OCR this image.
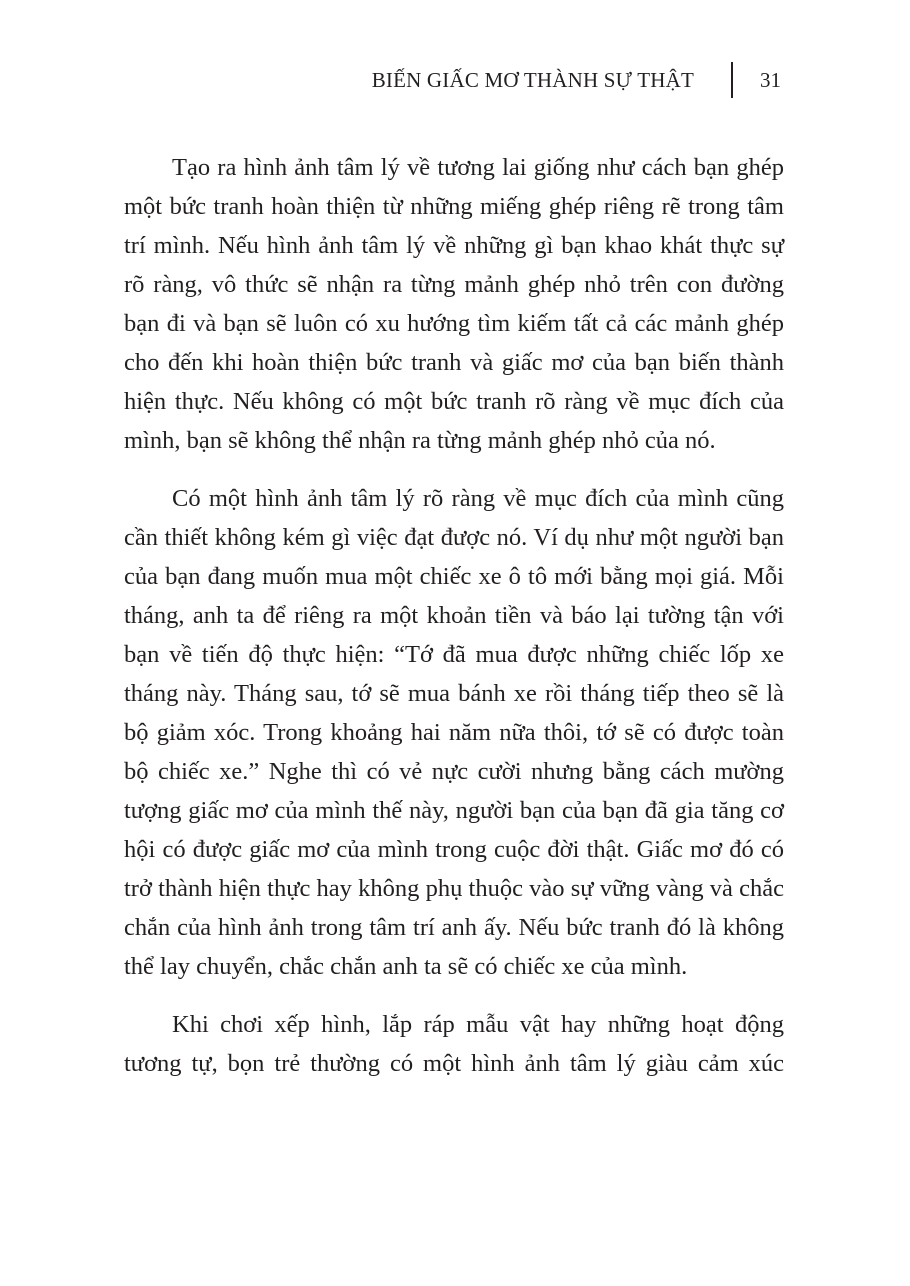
BIẾN GIẤC MƠ THÀNH SỰ THẬT	31

Tạo ra hình ảnh tâm lý về tương lai giống như cách bạn ghép một bức tranh hoàn thiện từ những miếng ghép riêng rẽ trong tâm trí mình. Nếu hình ảnh tâm lý về những gì bạn khao khát thực sự rõ ràng, vô thức sẽ nhận ra từng mảnh ghép nhỏ trên con đường bạn đi và bạn sẽ luôn có xu hướng tìm kiếm tất cả các mảnh ghép cho đến khi hoàn thiện bức tranh và giấc mơ của bạn biến thành hiện thực. Nếu không có một bức tranh rõ ràng về mục đích của mình, bạn sẽ không thể nhận ra từng mảnh ghép nhỏ của nó.

Có một hình ảnh tâm lý rõ ràng về mục đích của mình cũng cần thiết không kém gì việc đạt được nó. Ví dụ như một người bạn của bạn đang muốn mua một chiếc xe ô tô mới bằng mọi giá. Mỗi tháng, anh ta để riêng ra một khoản tiền và báo lại tường tận với bạn về tiến độ thực hiện: “Tớ đã mua được những chiếc lốp xe tháng này. Tháng sau, tớ sẽ mua bánh xe rồi tháng tiếp theo sẽ là bộ giảm xóc. Trong khoảng hai năm nữa thôi, tớ sẽ có được toàn bộ chiếc xe.” Nghe thì có vẻ nực cười nhưng bằng cách mường tượng giấc mơ của mình thế này, người bạn của bạn đã gia tăng cơ hội có được giấc mơ của mình trong cuộc đời thật. Giấc mơ đó có trở thành hiện thực hay không phụ thuộc vào sự vững vàng và chắc chắn của hình ảnh trong tâm trí anh ấy. Nếu bức tranh đó là không thể lay chuyển, chắc chắn anh ta sẽ có chiếc xe của mình.

Khi chơi xếp hình, lắp ráp mẫu vật hay những hoạt động tương tự, bọn trẻ thường có một hình ảnh tâm lý giàu cảm xúc
